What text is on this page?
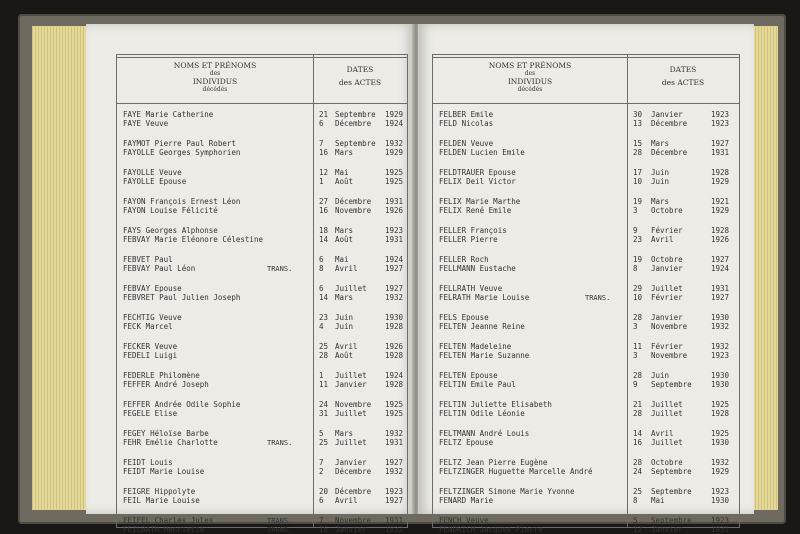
NOMS ET PRÉNOMS
des
INDIVIDUS
décédés
DATES
des ACTES
FAYE Marie Catherine	21 Septembre 1929
FAYE Veuve	6 Décembre 1924
FAYMOT Pierre Paul Robert	7 Septembre 1932
FAYOLLE Georges Symphorien	16 Mars	1929
FAYOLLE Veuve	12 Mai	1925
FAYOLLE Epouse	1 Août	1925
FAYON François Ernest Léon	27 Décembre 1931
FAYON Louise Félicité	16 Novembre 1926
FAYS Georges Alphonse	18 Mars	1923
FEBVAY Marie Eléonore Célestine	14 Août	1931
FEBVET Paul	6 Mai	1924
FEBVAY Paul Léon	TRANS.	8 Avril	1927
FEBVAY Epouse	6 Juillet 1927
FEBVRET Paul Julien Joseph	14 Mars	1932
FECHTIG Veuve	23 Juin	1930
FECK Marcel	4 Juin	1928
FECKER Veuve	25 Avril	1926
FEDELI Luigi	28 Août	1928
FEDERLE Philomène	1 Juillet 1924
FEFFER André Joseph	11 Janvier 1928
FEFFER Andrée Odile Sophie	24 Novembre 1925
FEGELE Elise	31 Juillet 1925
FEGEY Héloïse Barbe	5 Mars	1932
FEHR Emélie Charlotte	TRANS.	25 Juillet 1931
FEIDT Louis	7 Janvier 1927
FEIDT Marie Louise	2 Décembre 1932
FEIGRE Hippolyte	20 Décembre 1923
FEIL Marie Louise	6 Avril	1927
FEIFEL Charles Jules	TRANS.	7 Novembre 1931
FEILBATH Henriette	TRANS.	16 Janvier 1932
NOMS ET PRÉNOMS
des
INDIVIDUS
décédés
DATES
des ACTES
FELBER Emile	30 Janvier	1923
FELD Nicolas	13 Décembre	1923
FELDEN Veuve	15 Mars	1927
FELDEN Lucien Emile	28 Décembre	1931
FELDTRAUER Epouse	17 Juin	1928
FELIX Deil Victor	10 Juin	1929
FELIX Marie Marthe	19 Mars	1921
FELIX René Emile	3 Octobre	1929
FELLER François	9 Février	1928
FELLER Pierre	23 Avril	1926
FELLER Roch	19 Octobre	1927
FELLMANN Eustache	8 Janvier	1924
FELLRATH Veuve	29 Juillet	1931
FELRATH Marie Louise	TRANS.	10 Février	1927
FELS Epouse	28 Janvier	1930
FELTEN Jeanne Reine	3 Novembre	1932
FELTEN Madeleine	11 Février	1932
FELTEN Marie Suzanne	3 Novembre	1923
FELTEN Epouse	28 Juin	1930
FELTIN Emile Paul	9 Septembre	1930
FELTIN Juliette Elisabeth	21 Juillet	1925
FELTIN Odile Léonie	28 Juillet	1928
FELTMANN André Louis	14 Avril	1925
FELTZ Epouse	16 Juillet	1930
FELTZ Jean Pierre Eugène	28 Octobre	1932
FELTZINGER Huguette Marcelle André	24 Septembre	1929
FELTZINGER Simone Marie Yvonne	25 Septembre	1923
FENARD Marie	8 Mai	1930
FENCH Veuve	5 Septembre	1923
FENDRICH Jacques Pierre	12 Janvier	1931
